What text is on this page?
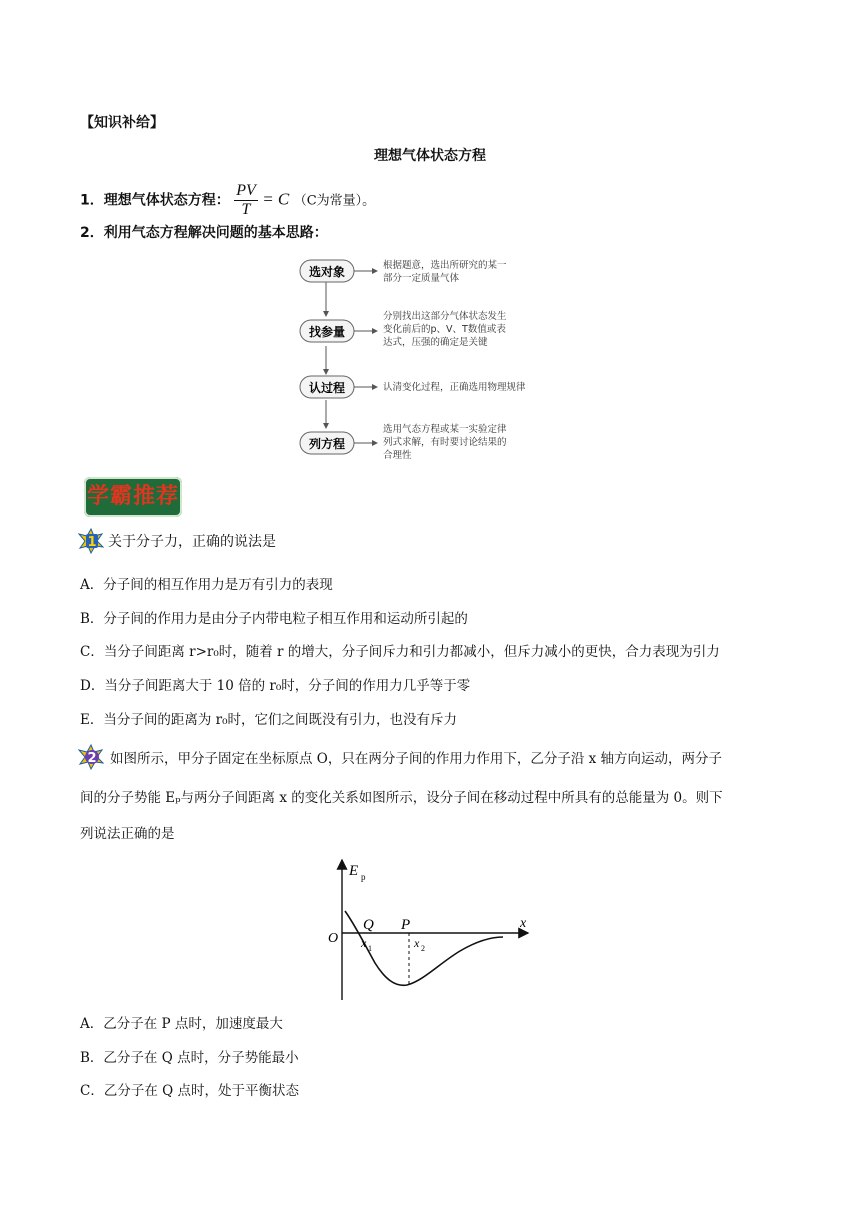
【知识补给】
理想气体状态方程
1．理想气体状态方程： $\frac{PV}{T} = C$ （C为常量）。
2．利用气态方程解决问题的基本思路：
选对象	根据题意，选出所研究的某一
部分一定质量气体
找参量
分别找出这部分气体状态发生
变化前后的p、V、T数值或表
达式，压强的确定是关键
认过程	认清变化过程，正确选用物理规律
列方程
选用气态方程或某一实验定律
列式求解，有时要讨论结果的
合理性
学霸推荐
1 关于分子力，正确的说法是
A．分子间的相互作用力是万有引力的表现
B．分子间的作用力是由分子内带电粒子相互作用和运动所引起的
C．当分子间距离 r>r₀时，随着 r 的增大，分子间斥力和引力都减小，但斥力减小的更快，合力表现为引力
D．当分子间距离大于 10 倍的 r₀时，分子间的作用力几乎等于零
E．当分子间的距离为 r₀时，它们之间既没有引力，也没有斥力
2 如图所示，甲分子固定在坐标原点 O，只在两分子间的作用力作用下，乙分子沿 x 轴方向运动，两分子
间的分子势能 Eₚ与两分子间距离 x 的变化关系如图所示，设分子间在移动过程中所具有的总能量为 0。则下
列说法正确的是
E p
O
x
Q P
x 1	x 2
A．乙分子在 P 点时，加速度最大
B．乙分子在 Q 点时，分子势能最小
C．乙分子在 Q 点时，处于平衡状态
